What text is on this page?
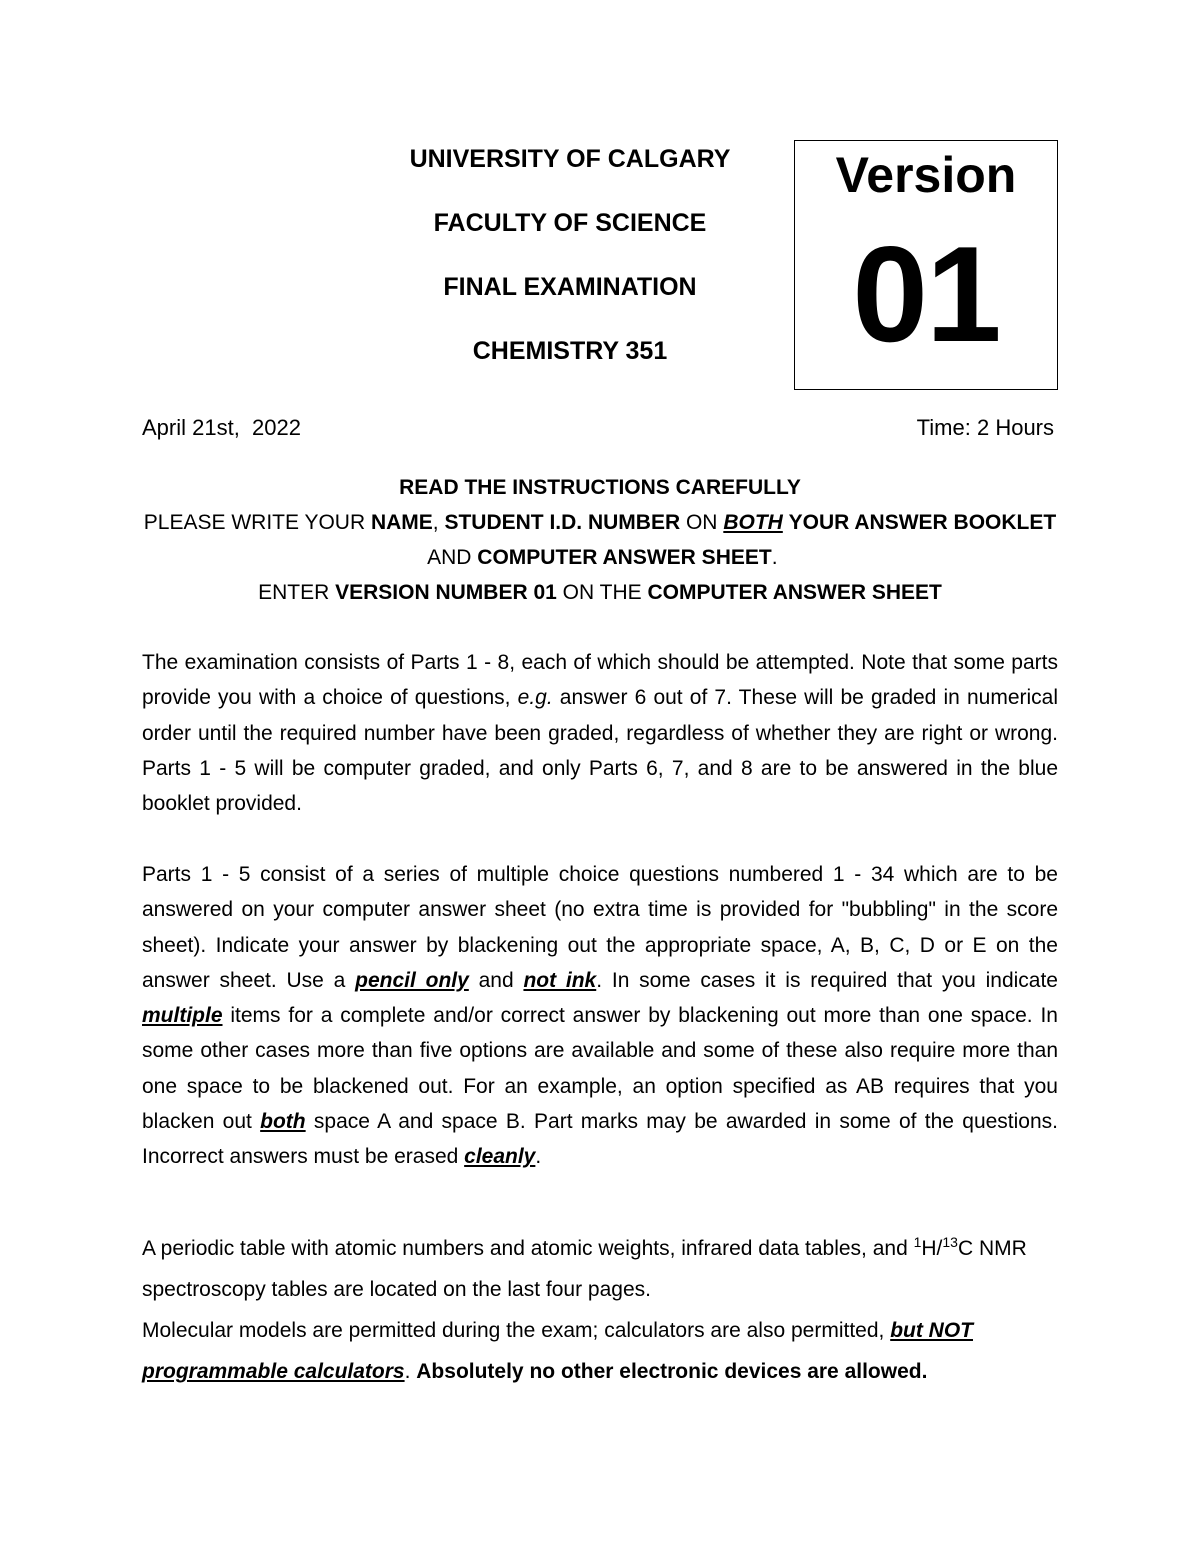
UNIVERSITY OF CALGARY
FACULTY OF SCIENCE
FINAL EXAMINATION
CHEMISTRY 351
Version
01
April 21st,  2022	Time: 2 Hours
READ THE INSTRUCTIONS CAREFULLY
PLEASE WRITE YOUR NAME, STUDENT I.D. NUMBER ON BOTH YOUR ANSWER BOOKLET AND COMPUTER ANSWER SHEET.
ENTER VERSION NUMBER 01 ON THE COMPUTER ANSWER SHEET
The examination consists of Parts 1 - 8, each of which should be attempted. Note that some parts provide you with a choice of questions, e.g. answer 6 out of 7. These will be graded in numerical order until the required number have been graded, regardless of whether they are right or wrong. Parts 1 - 5 will be computer graded, and only Parts 6, 7, and 8 are to be answered in the blue booklet provided.
Parts 1 - 5 consist of a series of multiple choice questions numbered 1 - 34 which are to be answered on your computer answer sheet (no extra time is provided for "bubbling" in the score sheet). Indicate your answer by blackening out the appropriate space, A, B, C, D or E on the answer sheet. Use a pencil only and not ink. In some cases it is required that you indicate multiple items for a complete and/or correct answer by blackening out more than one space. In some other cases more than five options are available and some of these also require more than one space to be blackened out. For an example, an option specified as AB requires that you blacken out both space A and space B. Part marks may be awarded in some of the questions. Incorrect answers must be erased cleanly.
A periodic table with atomic numbers and atomic weights, infrared data tables, and $^1$H/$^{13}$C NMR spectroscopy tables are located on the last four pages.
Molecular models are permitted during the exam; calculators are also permitted, but NOT programmable calculators. Absolutely no other electronic devices are allowed.
